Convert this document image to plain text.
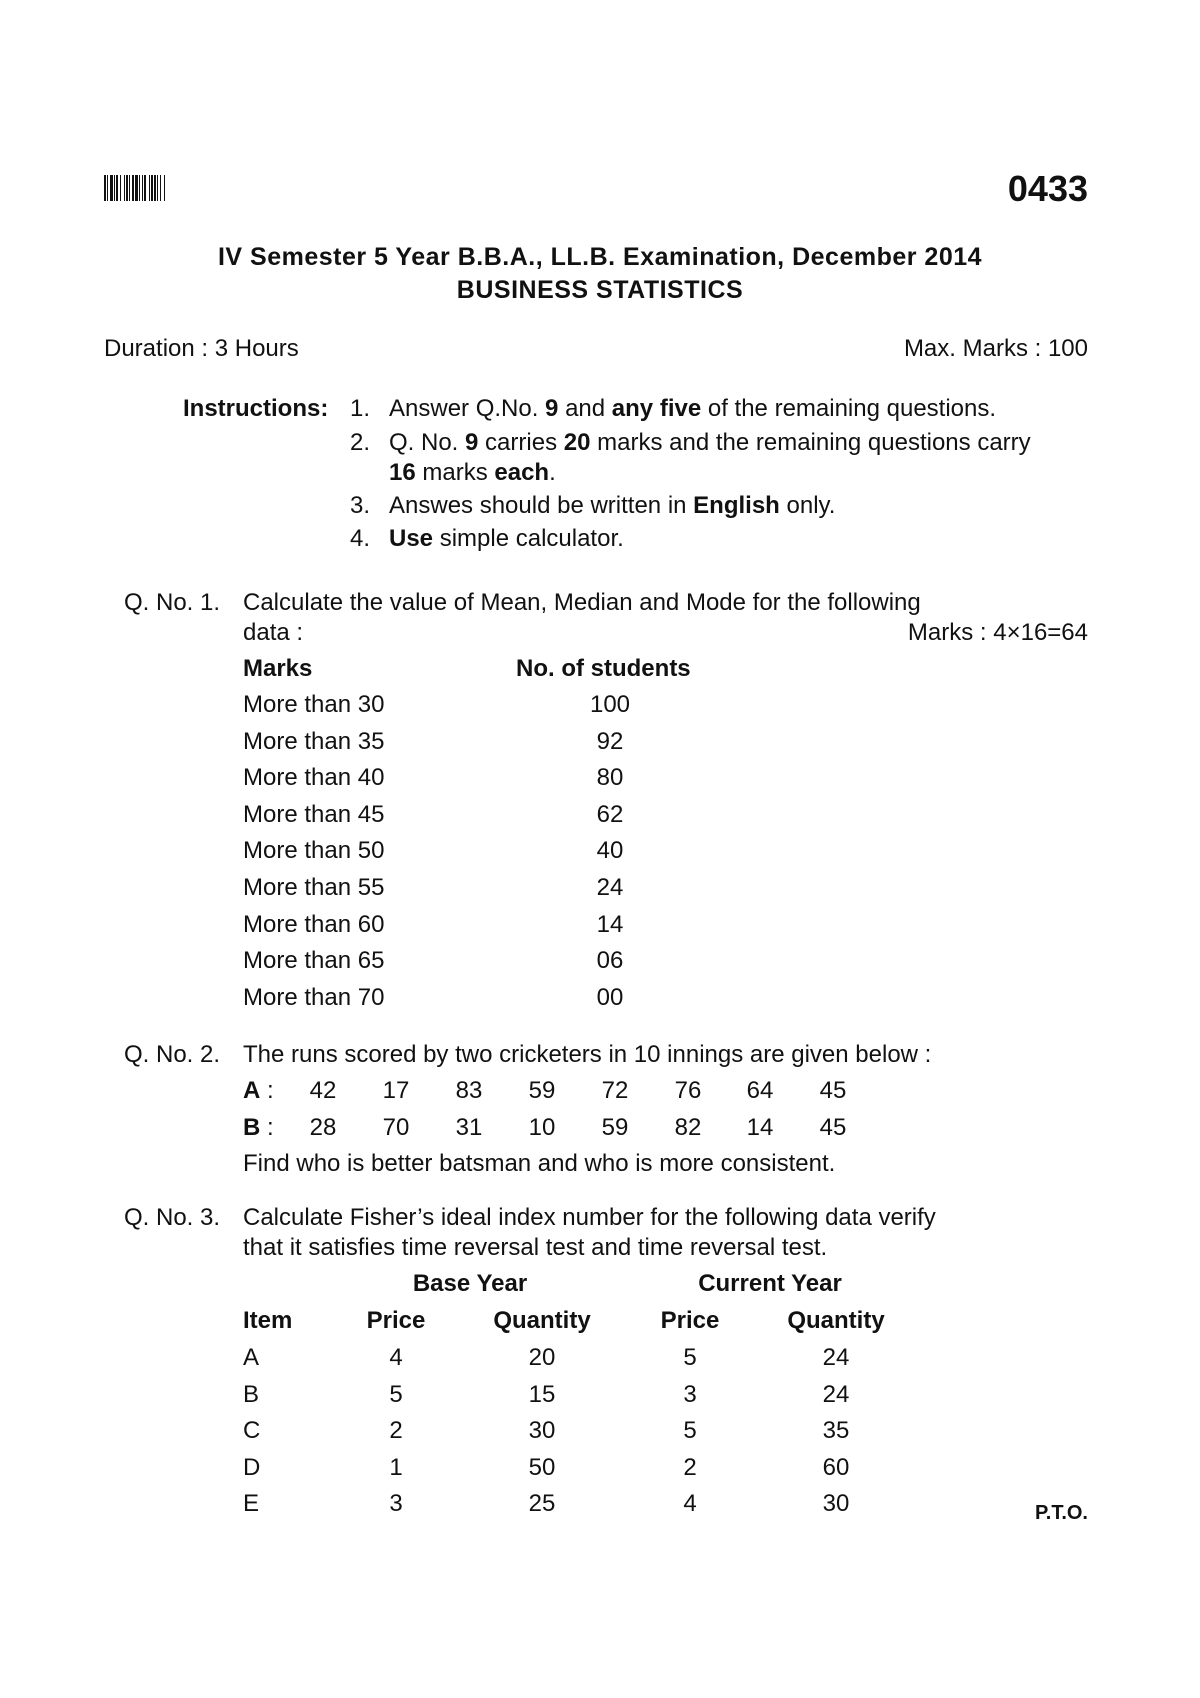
0433
IV Semester 5 Year B.B.A., LL.B. Examination, December 2014
BUSINESS STATISTICS
Duration : 3 Hours	Max. Marks : 100
Instructions: 1. Answer Q.No. 9 and any five of the remaining questions.
2. Q. No. 9 carries 20 marks and the remaining questions carry
16 marks each.
3. Answes should be written in English only.
4. Use simple calculator.
Q. No. 1. Calculate the value of Mean, Median and Mode for the following
data :	Marks : 4×16=64
Marks	No. of students
More than 30	100
More than 35	92
More than 40	80
More than 45	62
More than 50	40
More than 55	24
More than 60	14
More than 65	06
More than 70	00
Q. No. 2. The runs scored by two cricketers in 10 innings are given below :
A :	42	17	83	59	72	76	64	45
B :	28	70	31	10	59	82	14	45
Find who is better batsman and who is more consistent.
Q. No. 3. Calculate Fisher’s ideal index number for the following data verify
that it satisfies time reversal test and time reversal test.
Base Year	Current Year
Item	Price	Quantity	Price	Quantity
A	4	20	5	24
B	5	15	3	24
C	2	30	5	35
D	1	50	2	60
E	3	25	4	30	P.T.O.
